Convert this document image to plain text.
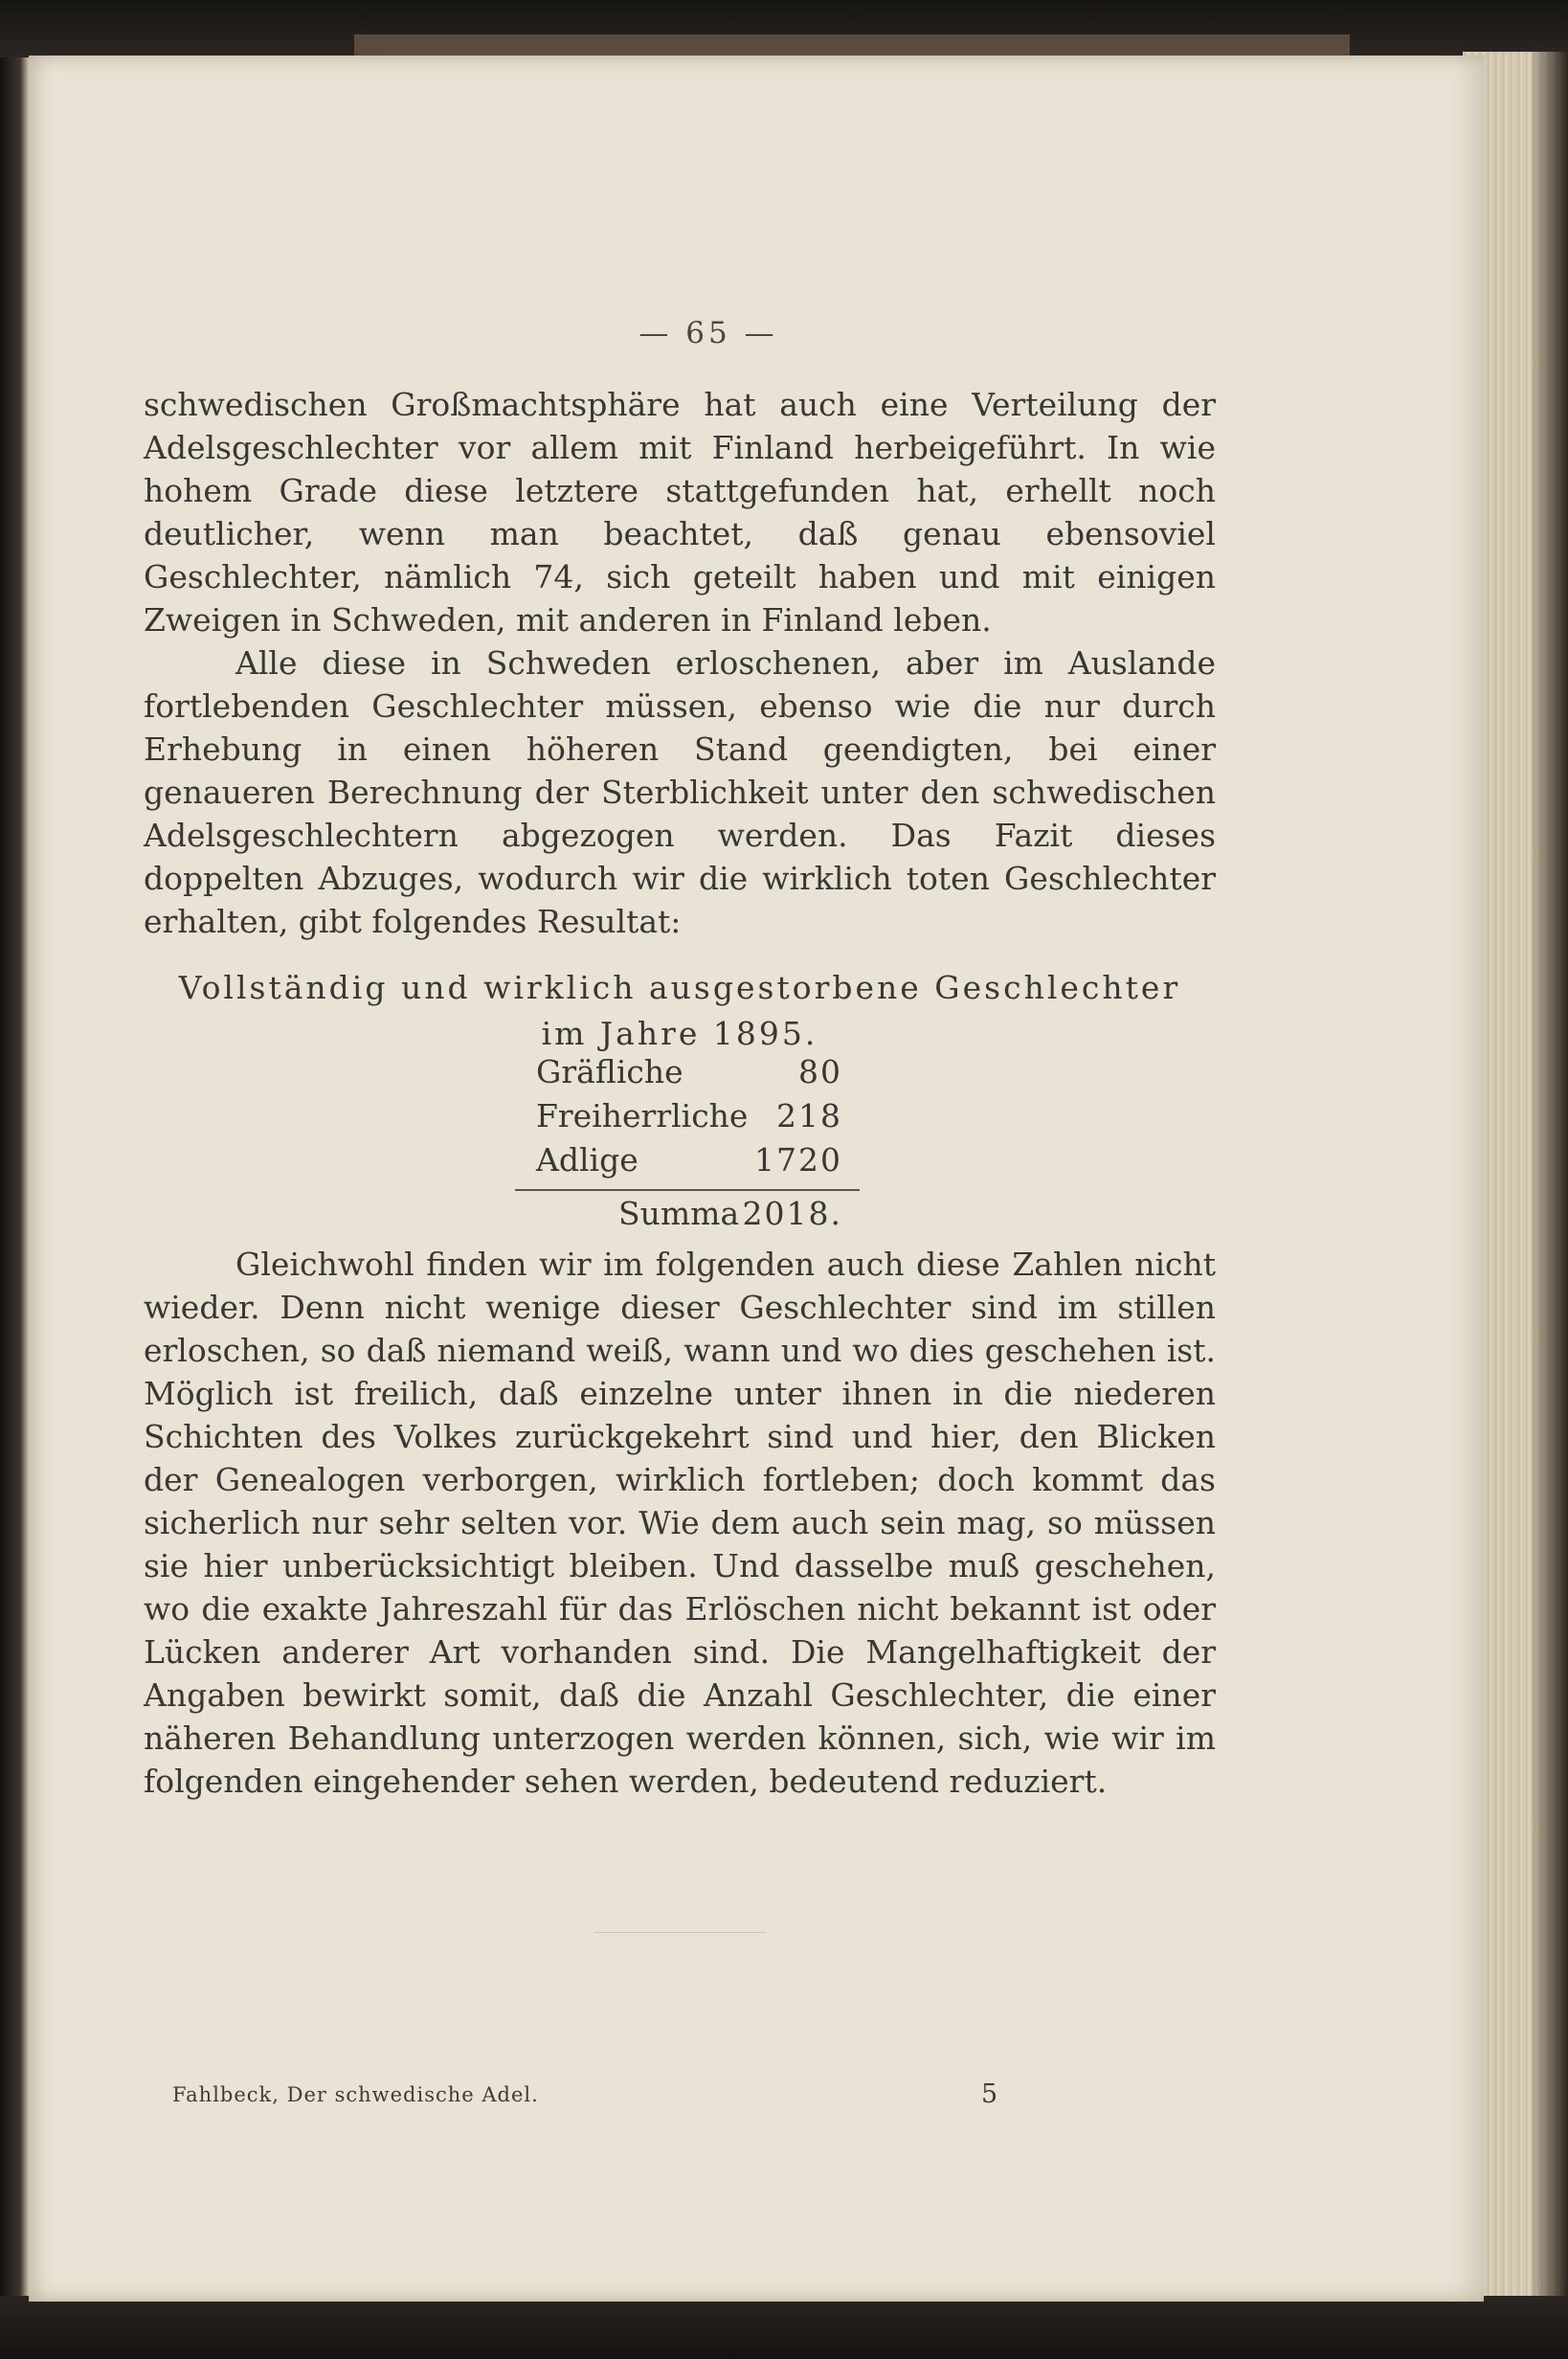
— 65 —

schwedischen Großmachtsphäre hat auch eine Verteilung der Adelsgeschlechter vor allem mit Finland herbeigeführt. In wie hohem Grade diese letztere stattgefunden hat, erhellt noch deutlicher, wenn man beachtet, daß genau ebensoviel Geschlechter, nämlich 74, sich geteilt haben und mit einigen Zweigen in Schweden, mit anderen in Finland leben.

Alle diese in Schweden erloschenen, aber im Auslande fortlebenden Geschlechter müssen, ebenso wie die nur durch Erhebung in einen höheren Stand geendigten, bei einer genaueren Berechnung der Sterblichkeit unter den schwedischen Adelsgeschlechtern abgezogen werden. Das Fazit dieses doppelten Abzuges, wodurch wir die wirklich toten Geschlechter erhalten, gibt folgendes Resultat:

Vollständig und wirklich ausgestorbene Geschlechter
im Jahre 1895.

Gräfliche	80
Freiherrliche 218
Adlige	1720
Summa 2018.

Gleichwohl finden wir im folgenden auch diese Zahlen nicht wieder. Denn nicht wenige dieser Geschlechter sind im stillen erloschen, so daß niemand weiß, wann und wo dies geschehen ist. Möglich ist freilich, daß einzelne unter ihnen in die niederen Schichten des Volkes zurückgekehrt sind und hier, den Blicken der Genealogen verborgen, wirklich fortleben; doch kommt das sicherlich nur sehr selten vor. Wie dem auch sein mag, so müssen sie hier unberücksichtigt bleiben. Und dasselbe muß geschehen, wo die exakte Jahreszahl für das Erlöschen nicht bekannt ist oder Lücken anderer Art vorhanden sind. Die Mangelhaftigkeit der Angaben bewirkt somit, daß die Anzahl Geschlechter, die einer näheren Behandlung unterzogen werden können, sich, wie wir im folgenden eingehender sehen werden, bedeutend reduziert.

Fahlbeck, Der schwedische Adel.	5
